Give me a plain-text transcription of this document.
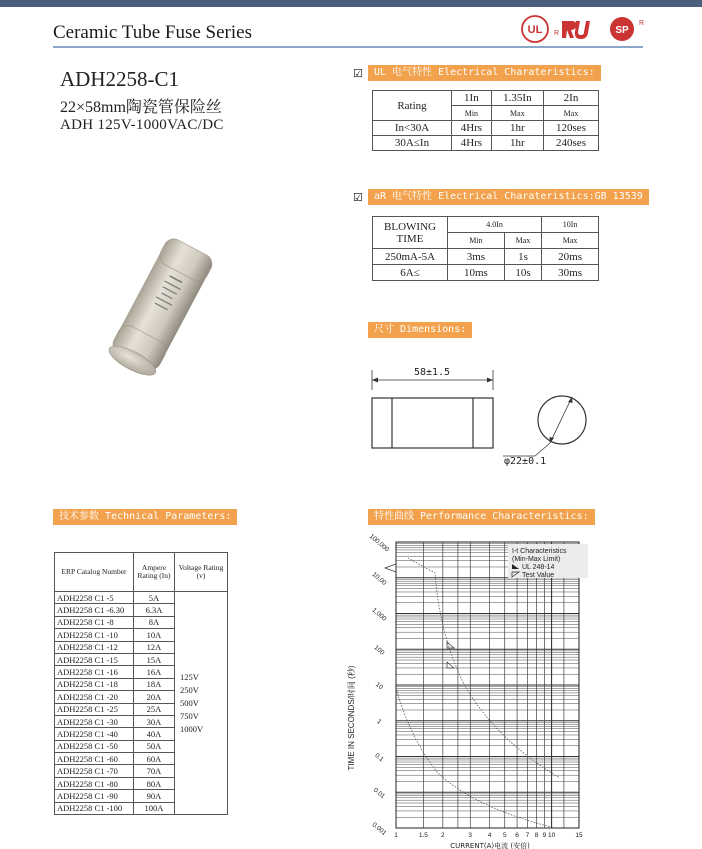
Ceramic Tube Fuse Series	UL R	SP
R
ADH2258-C1
22×58mm陶瓷管保险丝
ADH 125V-1000VAC/DC
☑	UL 电气特性 Electrical Charateristics:
Rating	1In	1.35In	2In
	Min	Max	Max
In<30A	4Hrs	1hr	120ses
30A≤In	4Hrs	1hr	240ses
☑	aR 电气特性 Electrical Charateristics:GB 13539
BLOWING TIME	4.0In		10In
	Min	Max	Max
250mA-5A	3ms	1s	20ms
6A≤	10ms	10s	30ms
尺寸 Dimensions:
58±1.5
φ22±0.1
技术参数 Technical Parameters:
ERP Catalog Number	Ampere Rating (In)	Voltage Rating (v)
ADH2258 C1 -5	5A	125V
250V
500V
750V
1000V

ADH2258 C1 -6.30	6.3A	
ADH2258 C1 -8	8A	
ADH2258 C1 -10	10A	
ADH2258 C1 -12	12A	
ADH2258 C1 -15	15A	
ADH2258 C1 -16	16A	
ADH2258 C1 -18	18A	
ADH2258 C1 -20	20A	
ADH2258 C1 -25	25A	
ADH2258 C1 -30	30A	
ADH2258 C1 -40	40A	
ADH2258 C1 -50	50A	
ADH2258 C1 -60	60A	
ADH2258 C1 -70	70A	
ADH2258 C1 -80	80A	
ADH2258 C1 -90	90A	
ADH2258 C1 -100	100A	
特性曲线 Performance Characteristics:
100,000
10,00
1,000
100
10
1
0.1
0.01
0.001 1	1.5 2	3 4 5 6 7 8 9 10	15
TIME IN SECONDS/时间 (秒)
CURRENT(A)电流 (安倍)
I-t Characteristics
(Min-Max Limit)
UL 248-14
Test Value
